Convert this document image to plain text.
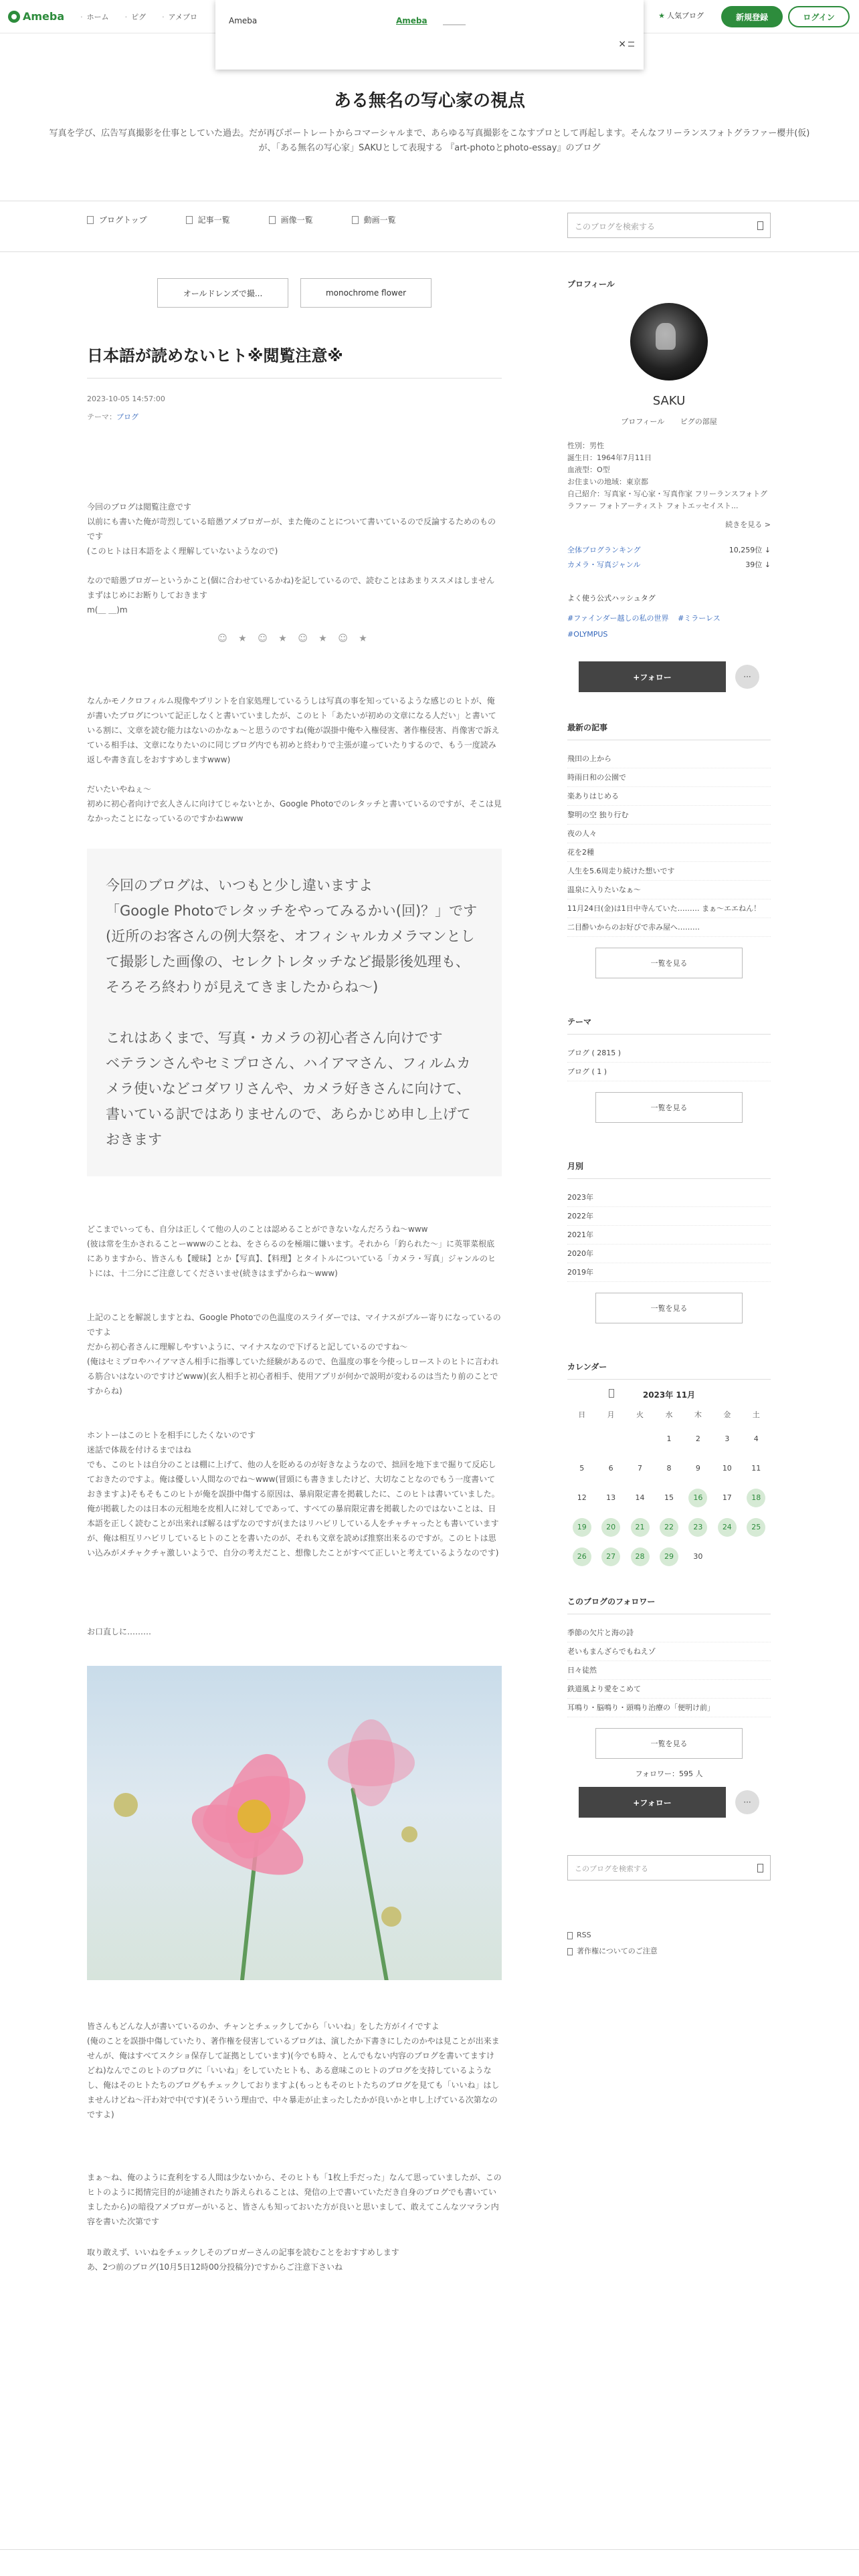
Ameba	· ホーム	· ピグ	· アメブロ	★ 人気ブログ	新規登録	ログイン
Ameba	Ameba
×
ある無名の写心家の視点
写真を学び、広告写真撮影を仕事としていた過去。だが再びポートレートからコマーシャルまで、あらゆる写真撮影をこなすプロとして再起します。そんなフリーランスフォトグラファー櫻井(仮)が、「ある無名の写心家」SAKUとして表現する 『art-photoとphoto-essay』のブログ
ブログトップ	記事一覧	画像一覧	動画一覧
このブログを検索する
オールドレンズで撮...	monochrome flower
日本語が読めないヒト※閲覧注意※
2023-10-05 14:57:00
テーマ：ブログ
今回のブログは閲覧注意です
以前にも書いた俺が苛烈している暗愚アメブロガーが、また俺のことについて書いているので反論するためのものです
(このヒトは日本語をよく理解していないようなので)
なので暗愚ブロガーというかこと(個に合わせているかね)を記しているので、読むことはあまりススメはしません
まずはじめにお断りしておきます
m(＿ ＿)m
☺ ★ ☺ ★ ☺ ★ ☺ ★
なんかモノクロフィルム現像やプリントを自家処理しているうしは写真の事を知っているような感じのヒトが、俺が書いたブログについて記正しなくと書いていましたが、このヒト「あたいが初めの文章になる人だい」と書いている割に、文章を読む能力はないのかなぁ〜と思うのですね(俺が誤掛中俺や入権侵害、著作権侵害、肖像害で訴えている相手は、文章になりたいのに同じブログ内でも初めと終わりで主張が違っていたりするので、もう一度読み返しや書き直しをおすすめしますwww)
だいたいやねぇ〜
初めに初心者向けで玄人さんに向けてじゃないとか、Google Photoでのレタッチと書いているのですが、そこは見なかったことになっているのですかねwww
今回のブログは、いつもと少し違いますよ
「Google Photoでレタッチをやってみるかい(回)？」です
(近所のお客さんの例大祭を、オフィシャルカメラマンとして撮影した画像の、セレクトレタッチなど撮影後処理も、そろそろ終わりが見えてきましたからね〜)
これはあくまで、写真・カメラの初心者さん向けです
ベテランさんやセミプロさん、ハイアマさん、フィルムカメラ使いなどコダワリさんや、カメラ好きさんに向けて、書いている訳ではありませんので、あらかじめ申し上げておきます
どこまでいっても、自分は正しくて他の人のことは認めることができないなんだろうね〜www
(彼は常を生かされることーwwwのことね、をさらるのを極端に嫌います。それから「釣られた〜」に英罪菜根底にありますから、皆さんも【曖昧】とか【写真】、【料理】とタイトルについている「カメラ・写真」ジャンルのヒトには、十二分にご注意してくださいませ(続きはまずからね〜www)
上記のことを解説しますとね、Google Photoでの色温度のスライダーでは、マイナスがブルー寄りになっているのですよ
だから初心者さんに理解しやすいように、マイナスなので下げると記しているのですね〜
(俺はセミプロやハイアマさん相手に指導していた経験があるので、色温度の事を今使っしローストのヒトに言われる筋合いはないのですけどwww)(玄人相手と初心者相手、使用アプリが何かで説明が変わるのは当たり前のことですからね)
ホントーはこのヒトを相手にしたくないのです
迷話で体裁を付けるまではね
でも、このヒトは自分のことは棚に上げて、他の人を貶めるのが好きなようなので、拙回を地下まで掘りて反応しておきたのですよ。俺は優しい人間なのでね〜www(冒頭にも書きましたけど、大切なことなのでもう一度書いておきますよ)そもそもこのヒトが俺を誤掛中傷する原因は、暴肩限定書を掲載したに、このヒトは書いていました。俺が掲載したのは日本の元租地を皮相人に対してであって、すべての暴肩限定書を掲載したのではないことは、日本語を正しく読むことが出来れば解るはずなのですが(またはリハビリしている人をチャチャったとも書いていますが、俺は相互リハビリしているヒトのことを書いたのが、それも文章を読めば推察出来るのですが。このヒトは思い込みがメチャクチャ激しいようで、自分の考えだこと、想像したことがすべて正しいと考えているようなのです)
お口直しに………
皆さんもどんな人が書いているのか、チャンとチェックしてから「いいね」をした方がイイですよ
(俺のことを誤掛中傷していたり、著作権を侵害しているブログは、演したか下書きにしたのかやは見ことが出来ませんが、俺はすべてスクショ保存して証拠としています)(今でも時々、とんでもない内容のブログを書いてますけどね)なんでこのヒトのブログに「いいね」をしていたヒトも、ある意味このヒトのブログを支持しているようなし、俺はそのヒトたちのブログもチェックしておりますよ(もっともそのヒトたちのブログを見ても「いいね」はしませんけどね〜汗わ対で中(です)(そういう理由で、中々暴走が止まったしたかが良いかと申し上げている次第なのですよ)
まぁ〜ね、俺のように査利をする人間は少ないから、そのヒトも「1枚上手だった」なんて思っていましたが、このヒトのように掲情完目的が途捕されたり訴えられることは、発信の上で書いていただき自身のブログでも書いていましたから)の暗役アメブロガーがいると、皆さんも知っておいた方が良いと思いまして、敢えてこんなツマラン内容を書いた次第です
取り敢えず、いいねをチェックしそのブロガーさんの記事を読むことをおすすめします
あ、2つ前のブログ(10月5日12時00分投稿分)ですからご注意下さいね
プロフィール
SAKU
プロフィール ピグの部屋
性別：男性
誕生日：1964年7月11日
血液型：O型
お住まいの地域：東京都
自己紹介：写真家・写心家・写真作家 フリーランスフォトグラファー フォトアーティスト フォトエッセイスト...
続きを見る >
全体ブログランキング	10,259位 ↓
カメラ・写真ジャンル	39位 ↓
よく使う公式ハッシュタグ
#ファインダー越しの私の世界 #ミラーレス #OLYMPUS
+フォロー	···
最新の記事
飛田の上から
時雨日和の公園で
楽ありはじめる
黎明の空 独り行む
夜の人々
花を2種
人生を5.6周走り続けた想いです
温泉に入りたいなぁ〜
11月24日(金)は1日中寺んていた……… まぁ〜エエねん！
二目酔いからのお好びで赤み屋へ………
一覧を見る
テーマ
ブログ ( 2815 )
ブログ ( 1 )
一覧を見る
月別
2023年
2022年
2021年
2020年
2019年
一覧を見る
カレンダー
2023年 11月
日	月	火	水	木	金	土
			1	2	3	4
5	6	7	8	9	10	11
12	13	14	15	16	17	18
19	20	21	22	23	24	25
26	27	28	29	30		
このブログのフォロワー
季節の欠片と海の詩
老いもまんざらでもねえゾ
日々徒然
鉄道風より愛をこめて
耳鳴り・脳鳴り・頭鳴り治療の「便明け前」
一覧を見る
フォロワー：595 人
+フォロー	···
このブログを検索する
RSS
著作権についてのご注意
